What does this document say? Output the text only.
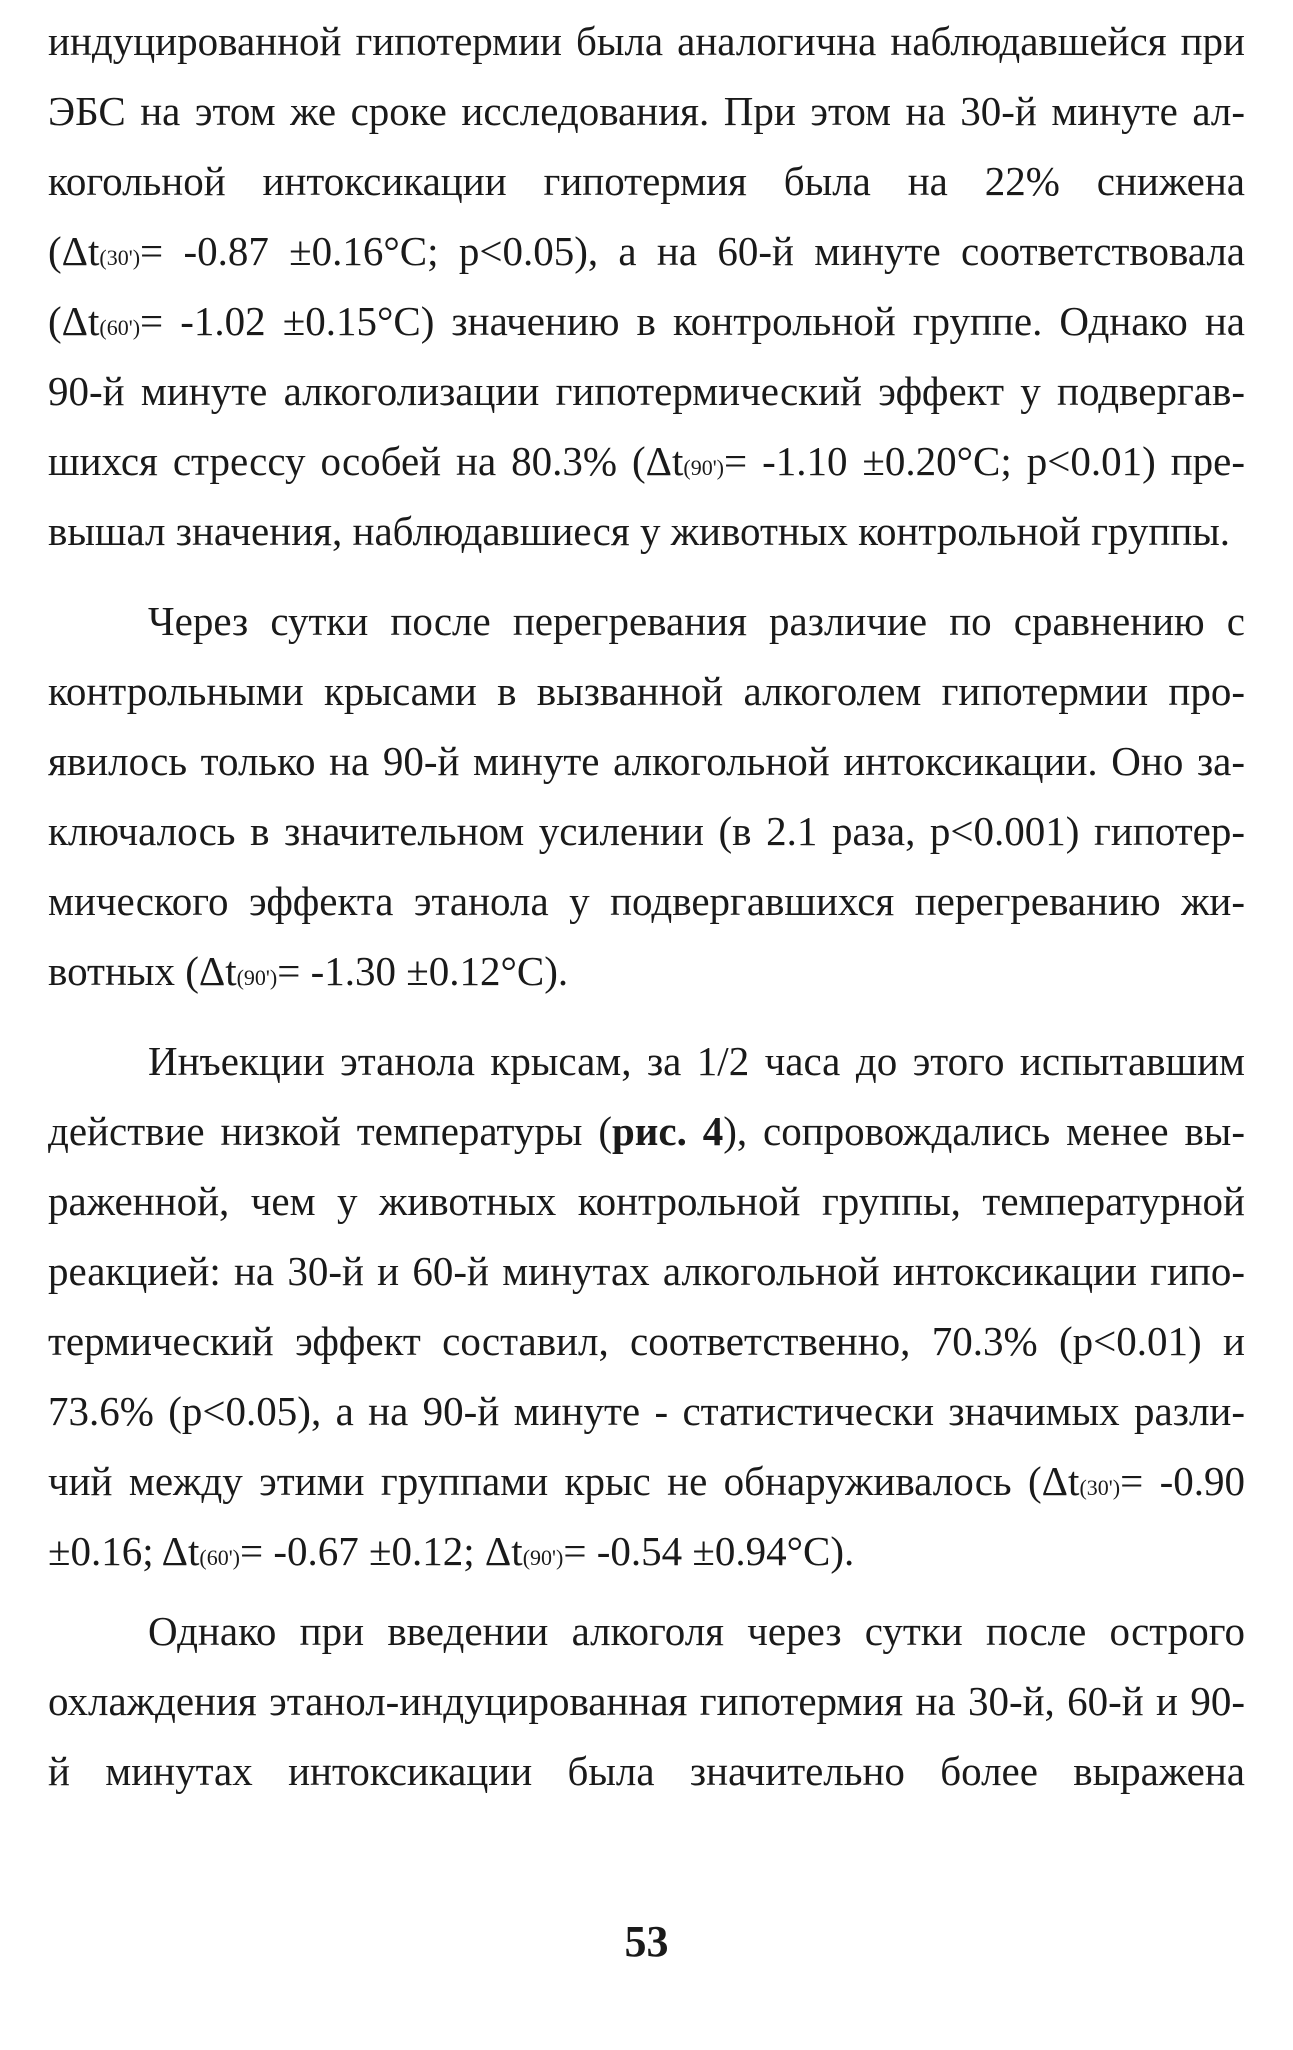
индуцированной гипотермии была аналогична наблюдавшейся при
ЭБС на этом же сроке исследования. При этом на 30-й минуте ал-
когольной интоксикации гипотермия была на 22% снижена
(Δt(30')= -0.87 ±0.16°C; p<0.05), а на 60-й минуте соответствовала
(Δt(60')= -1.02 ±0.15°C) значению в контрольной группе. Однако на
90-й минуте алкоголизации гипотермический эффект у подвергав-
шихся стрессу особей на 80.3% (Δt(90')= -1.10 ±0.20°C; p<0.01) пре-
вышал значения, наблюдавшиеся у животных контрольной группы.
Через сутки после перегревания различие по сравнению с
контрольными крысами в вызванной алкоголем гипотермии про-
явилось только на 90-й минуте алкогольной интоксикации. Оно за-
ключалось в значительном усилении (в 2.1 раза, p<0.001) гипотер-
мического эффекта этанола у подвергавшихся перегреванию жи-
вотных (Δt(90')= -1.30 ±0.12°C).
Инъекции этанола крысам, за 1/2 часа до этого испытавшим
действие низкой температуры (рис. 4), сопровождались менее вы-
раженной, чем у животных контрольной группы, температурной
реакцией: на 30-й и 60-й минутах алкогольной интоксикации гипо-
термический эффект составил, соответственно, 70.3% (p<0.01) и
73.6% (p<0.05), а на 90-й минуте - статистически значимых разли-
чий между этими группами крыс не обнаруживалось (Δt(30')= -0.90
±0.16; Δt(60')= -0.67 ±0.12; Δt(90')= -0.54 ±0.94°C).
Однако при введении алкоголя через сутки после острого
охлаждения этанол-индуцированная гипотермия на 30-й, 60-й и 90-
й минутах интоксикации была значительно более выражена
53
